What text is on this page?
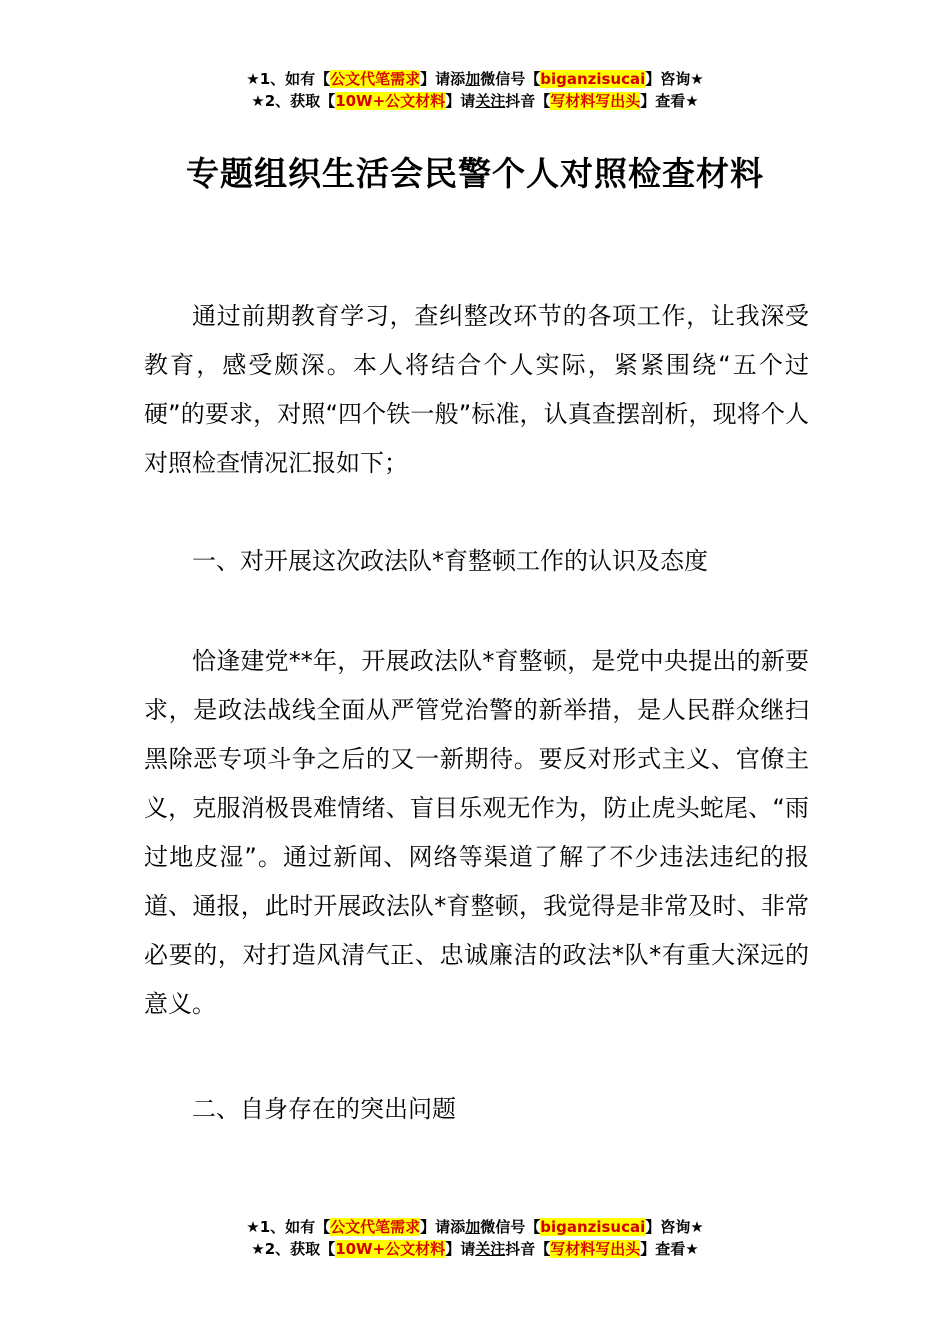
★1、如有【公文代笔需求】请添加微信号【biganzisucai】咨询★
★2、获取【10W+公文材料】请关注抖音【写材料写出头】查看★
专题组织生活会民警个人对照检查材料

通过前期教育学习，查纠整改环节的各项工作，让我深受教育，感受颇深。本人将结合个人实际，紧紧围绕“五个过硬”的要求，对照“四个铁一般”标准，认真查摆剖析，现将个人对照检查情况汇报如下；

一、对开展这次政法队*育整顿工作的认识及态度

恰逢建党**年，开展政法队*育整顿，是党中央提出的新要求，是政法战线全面从严管党治警的新举措，是人民群众继扫黑除恶专项斗争之后的又一新期待。要反对形式主义、官僚主义，克服消极畏难情绪、盲目乐观无作为，防止虎头蛇尾、“雨过地皮湿”。通过新闻、网络等渠道了解了不少违法违纪的报道、通报，此时开展政法队*育整顿，我觉得是非常及时、非常必要的，对打造风清气正、忠诚廉洁的政法*队*有重大深远的意义。

二、自身存在的突出问题

★1、如有【公文代笔需求】请添加微信号【biganzisucai】咨询★
★2、获取【10W+公文材料】请关注抖音【写材料写出头】查看★
